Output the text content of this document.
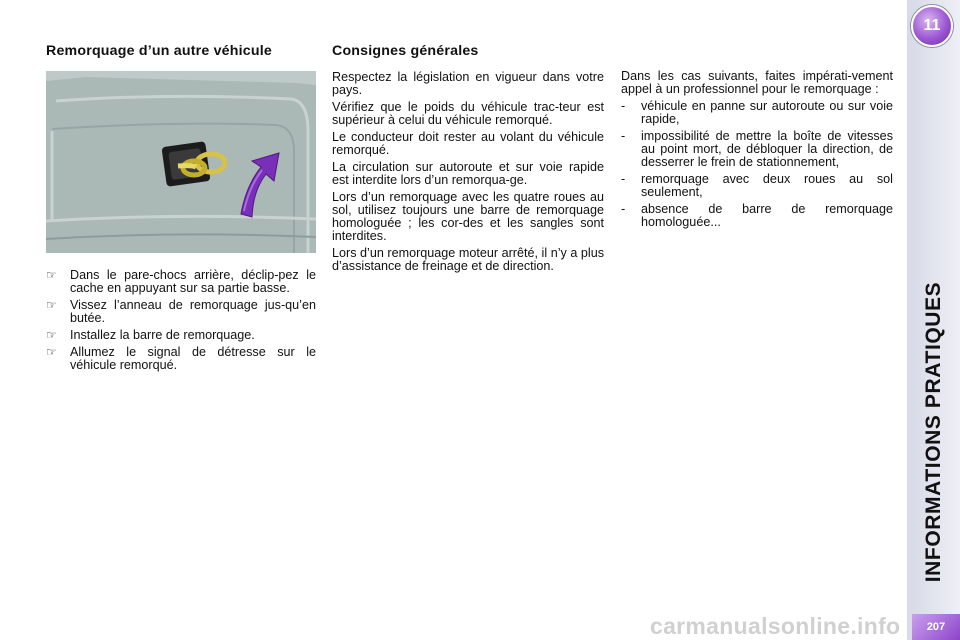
Remorquage d’un autre véhicule
☞ Dans le pare-chocs arrière, déclip-pez le cache en appuyant sur sa partie basse.
☞ Vissez l’anneau de remorquage jus-qu’en butée.
☞ Installez la barre de remorquage.
☞ Allumez le signal de détresse sur le véhicule remorqué.
Consignes générales

Respectez la législation en vigueur dans votre pays.

Vérifiez que le poids du véhicule trac-teur est supérieur à celui du véhicule remorqué.

Le conducteur doit rester au volant du véhicule remorqué.

La circulation sur autoroute et sur voie rapide est interdite lors d’un remorqua-ge.

Lors d’un remorquage avec les quatre roues au sol, utilisez toujours une barre de remorquage homologuée ; les cor-des et les sangles sont interdites.

Lors d’un remorquage moteur arrêté, il n’y a plus d’assistance de freinage et de direction.

Dans les cas suivants, faites impérati-vement appel à un professionnel pour le remorquage :

- véhicule en panne sur autoroute ou sur voie rapide,
- impossibilité de mettre la boîte de vitesses au point mort, de débloquer la direction, de desserrer le frein de stationnement,
- remorquage avec deux roues au sol seulement,
- absence de barre de remorquage homologuée...
11
INFORMATIONS PRATIQUES
207
carmanualsonline.info
